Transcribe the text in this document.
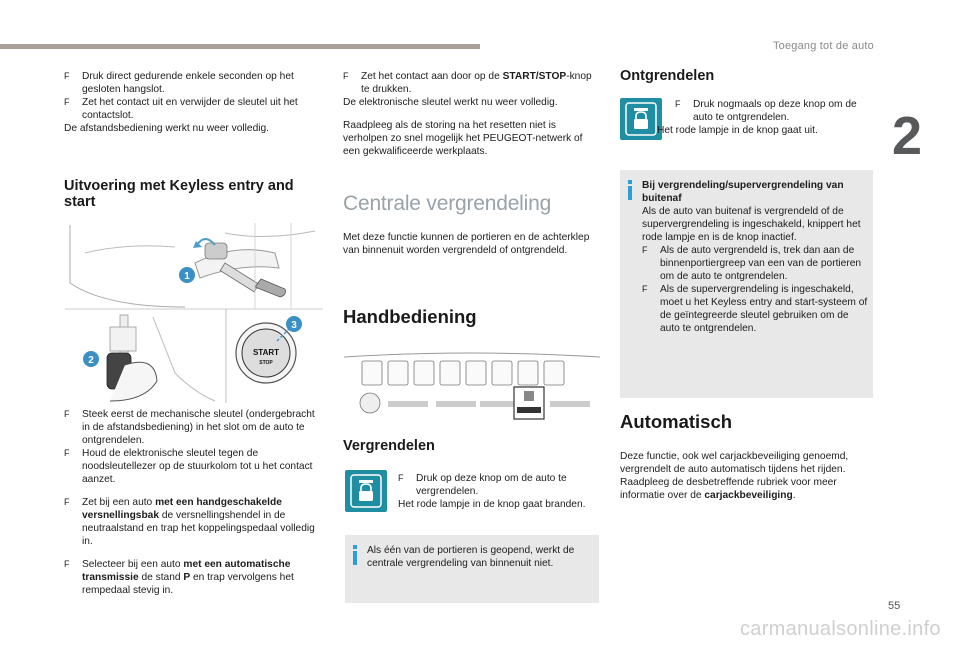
Toegang tot de auto
2
55
carmanualsonline.info

F Druk direct gedurende enkele seconden op het gesloten hangslot.

F Zet het contact uit en verwijder de sleutel uit het contactslot.

De afstandsbediening werkt nu weer volledig.

Uitvoering met Keyless entry and start

START
STOP
1
2
3

F Steek eerst de mechanische sleutel (ondergebracht in de afstandsbediening) in het slot om de auto te ontgrendelen.

F Houd de elektronische sleutel tegen de noodsleutellezer op de stuurkolom tot u het contact aanzet.

F Zet bij een auto met een handgeschakelde versnellingsbak de versnellingshendel in de neutraalstand en trap het koppelingspedaal volledig in.

F Selecteer bij een auto met een automatische transmissie de stand P en trap vervolgens het rempedaal stevig in.

F Zet het contact aan door op de START/STOP-knop te drukken.

De elektronische sleutel werkt nu weer volledig.

Raadpleeg als de storing na het resetten niet is verholpen zo snel mogelijk het PEUGEOT-netwerk of een gekwalificeerde werkplaats.

Centrale vergrendeling

Met deze functie kunnen de portieren en de achterklep van binnenuit worden vergrendeld of ontgrendeld.

Handbediening

Vergrendelen

F Druk op deze knop om de auto te vergrendelen.

Het rode lampje in de knop gaat branden.

Als één van de portieren is geopend, werkt de centrale vergrendeling van binnenuit niet.

Ontgrendelen

F Druk nogmaals op deze knop om de auto te ontgrendelen.

Het rode lampje in de knop gaat uit.

Bij vergrendeling/supervergrendeling van buitenaf

Als de auto van buitenaf is vergrendeld of de supervergrendeling is ingeschakeld, knippert het rode lampje en is de knop inactief.

F Als de auto vergrendeld is, trek dan aan de binnenportiergreep van een van de portieren om de auto te ontgrendelen.

F Als de supervergrendeling is ingeschakeld, moet u het Keyless entry and start-systeem of de geïntegreerde sleutel gebruiken om de auto te ontgrendelen.

Automatisch

Deze functie, ook wel carjackbeveiliging genoemd, vergrendelt de auto automatisch tijdens het rijden. Raadpleeg de desbetreffende rubriek voor meer informatie over de carjackbeveiliging.
